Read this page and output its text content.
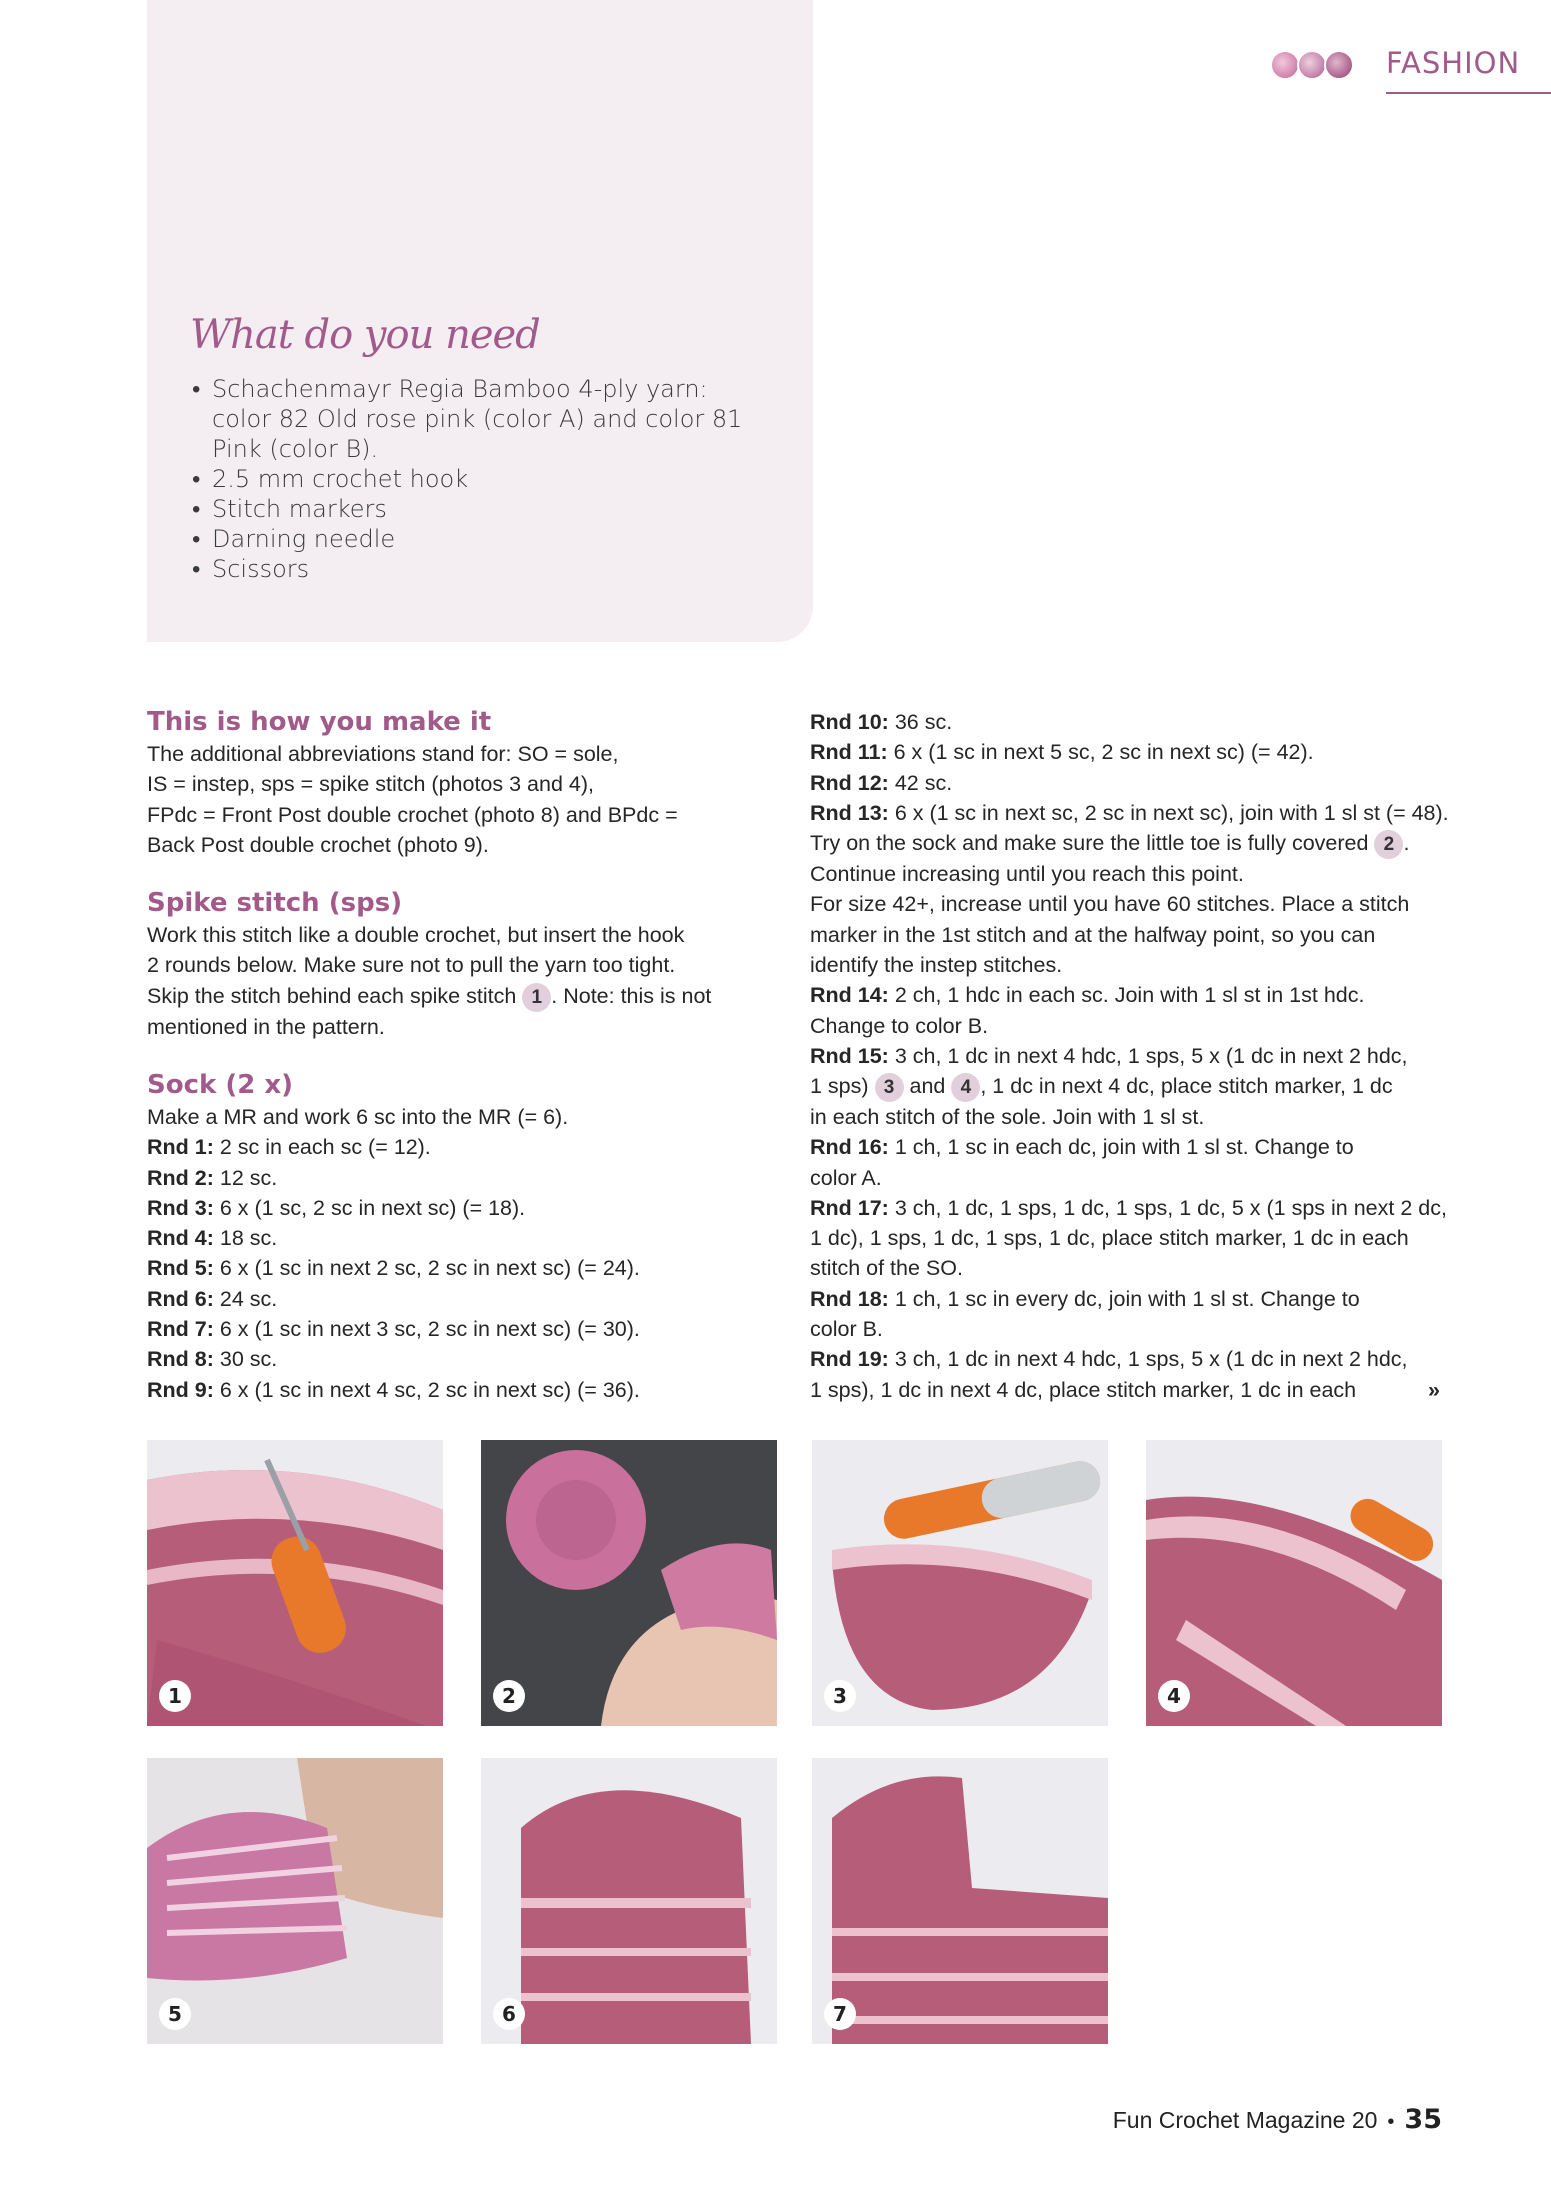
FASHION
What do you need
• Schachenmayr Regia Bamboo 4-ply yarn:
color 82 Old rose pink (color A) and color 81
Pink (color B).
• 2.5 mm crochet hook
• Stitch markers
• Darning needle
• Scissors
This is how you make it
The additional abbreviations stand for: SO = sole,
IS = instep, sps = spike stitch (photos 3 and 4),
FPdc = Front Post double crochet (photo 8) and BPdc =
Back Post double crochet (photo 9).
Spike stitch (sps)
Work this stitch like a double crochet, but insert the hook
2 rounds below. Make sure not to pull the yarn too tight.
Skip the stitch behind each spike stitch 1 . Note: this is not
mentioned in the pattern.
Sock (2 x)
Make a MR and work 6 sc into the MR (= 6).
Rnd 1: 2 sc in each sc (= 12).
Rnd 2: 12 sc.
Rnd 3: 6 x (1 sc, 2 sc in next sc) (= 18).
Rnd 4: 18 sc.
Rnd 5: 6 x (1 sc in next 2 sc, 2 sc in next sc) (= 24).
Rnd 6: 24 sc.
Rnd 7: 6 x (1 sc in next 3 sc, 2 sc in next sc) (= 30).
Rnd 8: 30 sc.
Rnd 9: 6 x (1 sc in next 4 sc, 2 sc in next sc) (= 36).
Rnd 10: 36 sc.
Rnd 11: 6 x (1 sc in next 5 sc, 2 sc in next sc) (= 42).
Rnd 12: 42 sc.
Rnd 13: 6 x (1 sc in next sc, 2 sc in next sc), join with 1 sl st (= 48).
Try on the sock and make sure the little toe is fully covered 2 .
Continue increasing until you reach this point.
For size 42+, increase until you have 60 stitches. Place a stitch
marker in the 1st stitch and at the halfway point, so you can
identify the instep stitches.
Rnd 14: 2 ch, 1 hdc in each sc. Join with 1 sl st in 1st hdc.
Change to color B.
Rnd 15: 3 ch, 1 dc in next 4 hdc, 1 sps, 5 x (1 dc in next 2 hdc,
1 sps) 3 and 4 , 1 dc in next 4 dc, place stitch marker, 1 dc
in each stitch of the sole. Join with 1 sl st.
Rnd 16: 1 ch, 1 sc in each dc, join with 1 sl st. Change to
color A.
Rnd 17: 3 ch, 1 dc, 1 sps, 1 dc, 1 sps, 1 dc, 5 x (1 sps in next 2 dc,
1 dc), 1 sps, 1 dc, 1 sps, 1 dc, place stitch marker, 1 dc in each
stitch of the SO.
Rnd 18: 1 ch, 1 sc in every dc, join with 1 sl st. Change to
color B.
Rnd 19: 3 ch, 1 dc in next 4 hdc, 1 sps, 5 x (1 dc in next 2 hdc,

1 sps), 1 dc in next 4 dc, place stitch marker, 1 dc in each	»
1	2	3	4
5	6	7
Fun Crochet Magazine 20 • 35
